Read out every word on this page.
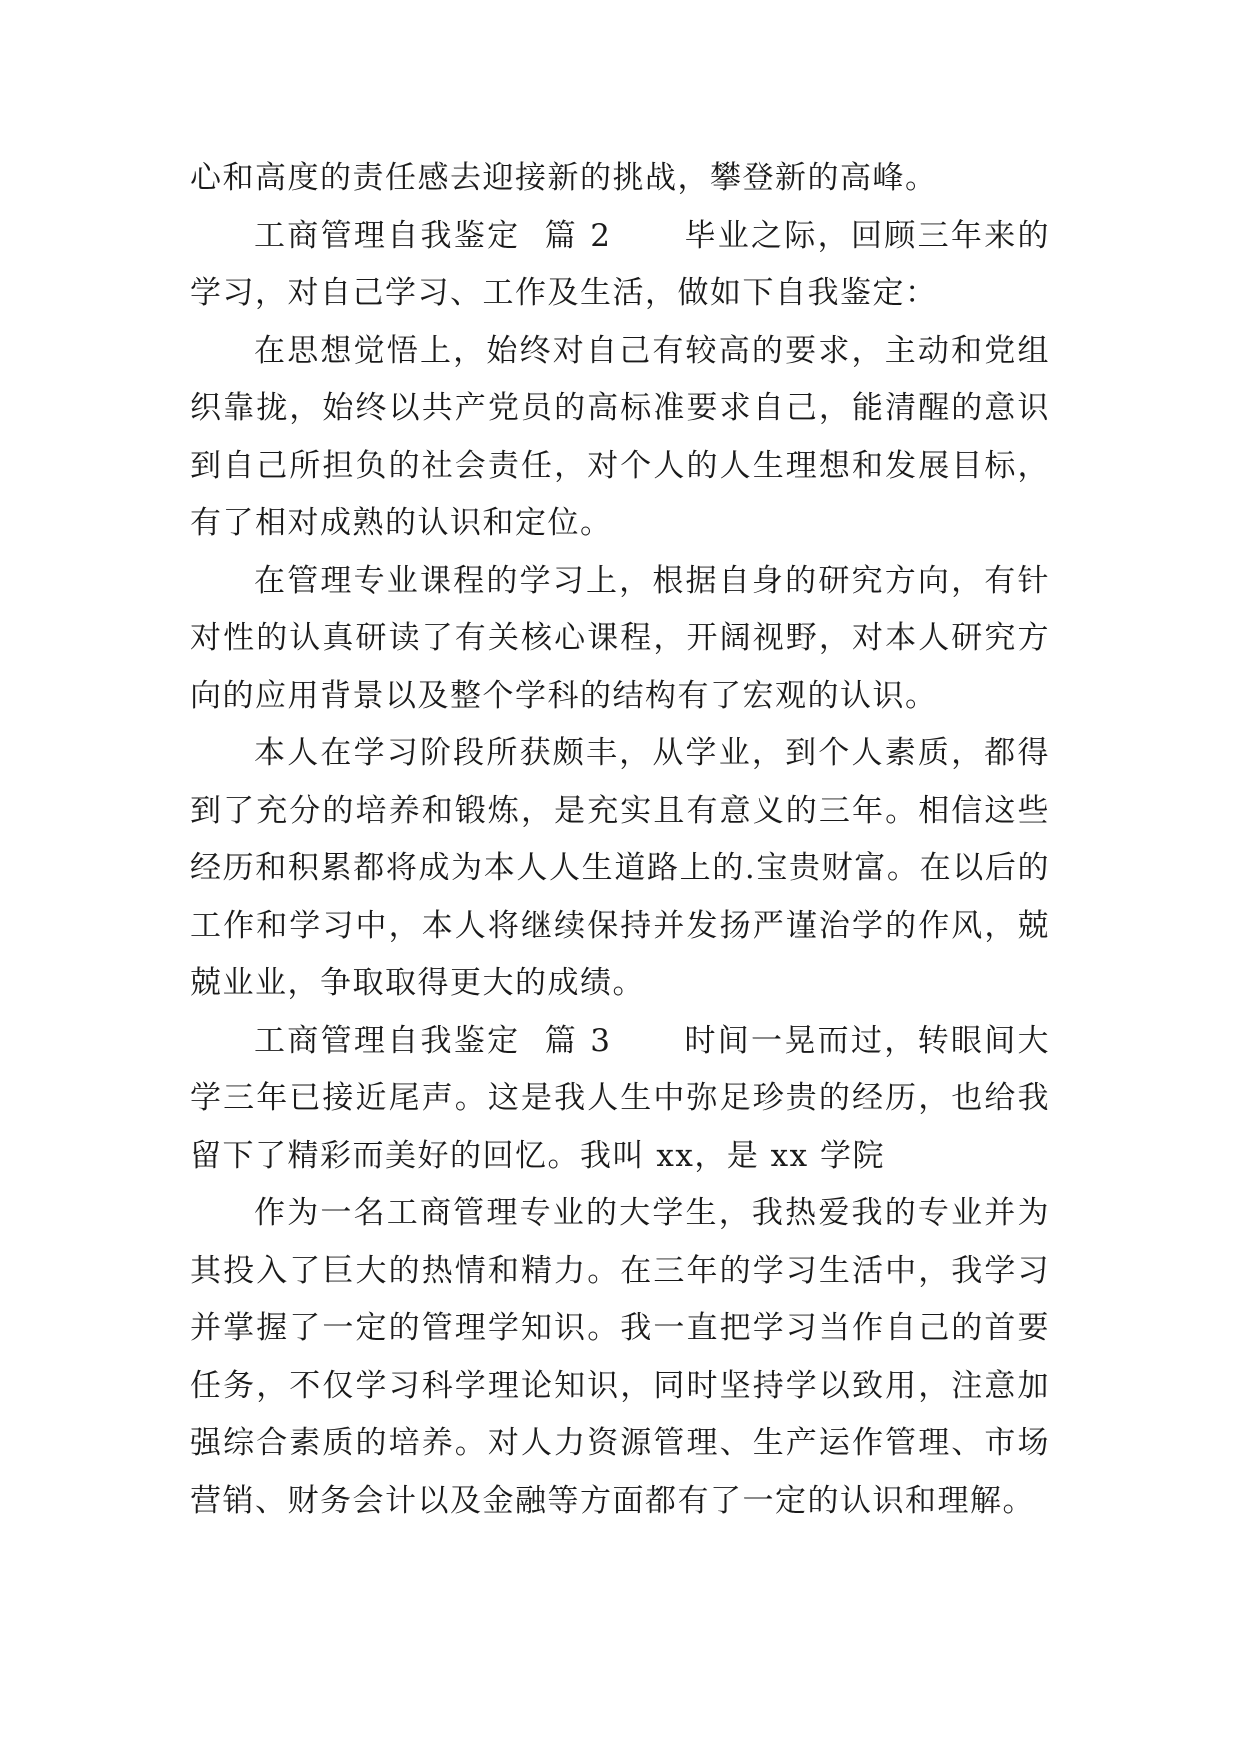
心和高度的责任感去迎接新的挑战，攀登新的高峰。

工商管理自我鉴定  篇 2 毕业之际，回顾三年来的学习，对自己学习、工作及生活，做如下自我鉴定：

在思想觉悟上，始终对自己有较高的要求，主动和党组织靠拢，始终以共产党员的高标准要求自己，能清醒的意识到自己所担负的社会责任，对个人的人生理想和发展目标，有了相对成熟的认识和定位。

在管理专业课程的学习上，根据自身的研究方向，有针对性的认真研读了有关核心课程，开阔视野，对本人研究方向的应用背景以及整个学科的结构有了宏观的认识。

本人在学习阶段所获颇丰，从学业，到个人素质，都得到了充分的培养和锻炼，是充实且有意义的三年。相信这些经历和积累都将成为本人人生道路上的.宝贵财富。在以后的工作和学习中，本人将继续保持并发扬严谨治学的作风，兢兢业业，争取取得更大的成绩。

工商管理自我鉴定  篇 3 时间一晃而过，转眼间大学三年已接近尾声。这是我人生中弥足珍贵的经历，也给我留下了精彩而美好的回忆。我叫 xx，是 xx 学院

作为一名工商管理专业的大学生，我热爱我的专业并为其投入了巨大的热情和精力。在三年的学习生活中，我学习并掌握了一定的管理学知识。我一直把学习当作自己的首要任务，不仅学习科学理论知识，同时坚持学以致用，注意加强综合素质的培养。对人力资源管理、生产运作管理、市场营销、财务会计以及金融等方面都有了一定的认识和理解。
